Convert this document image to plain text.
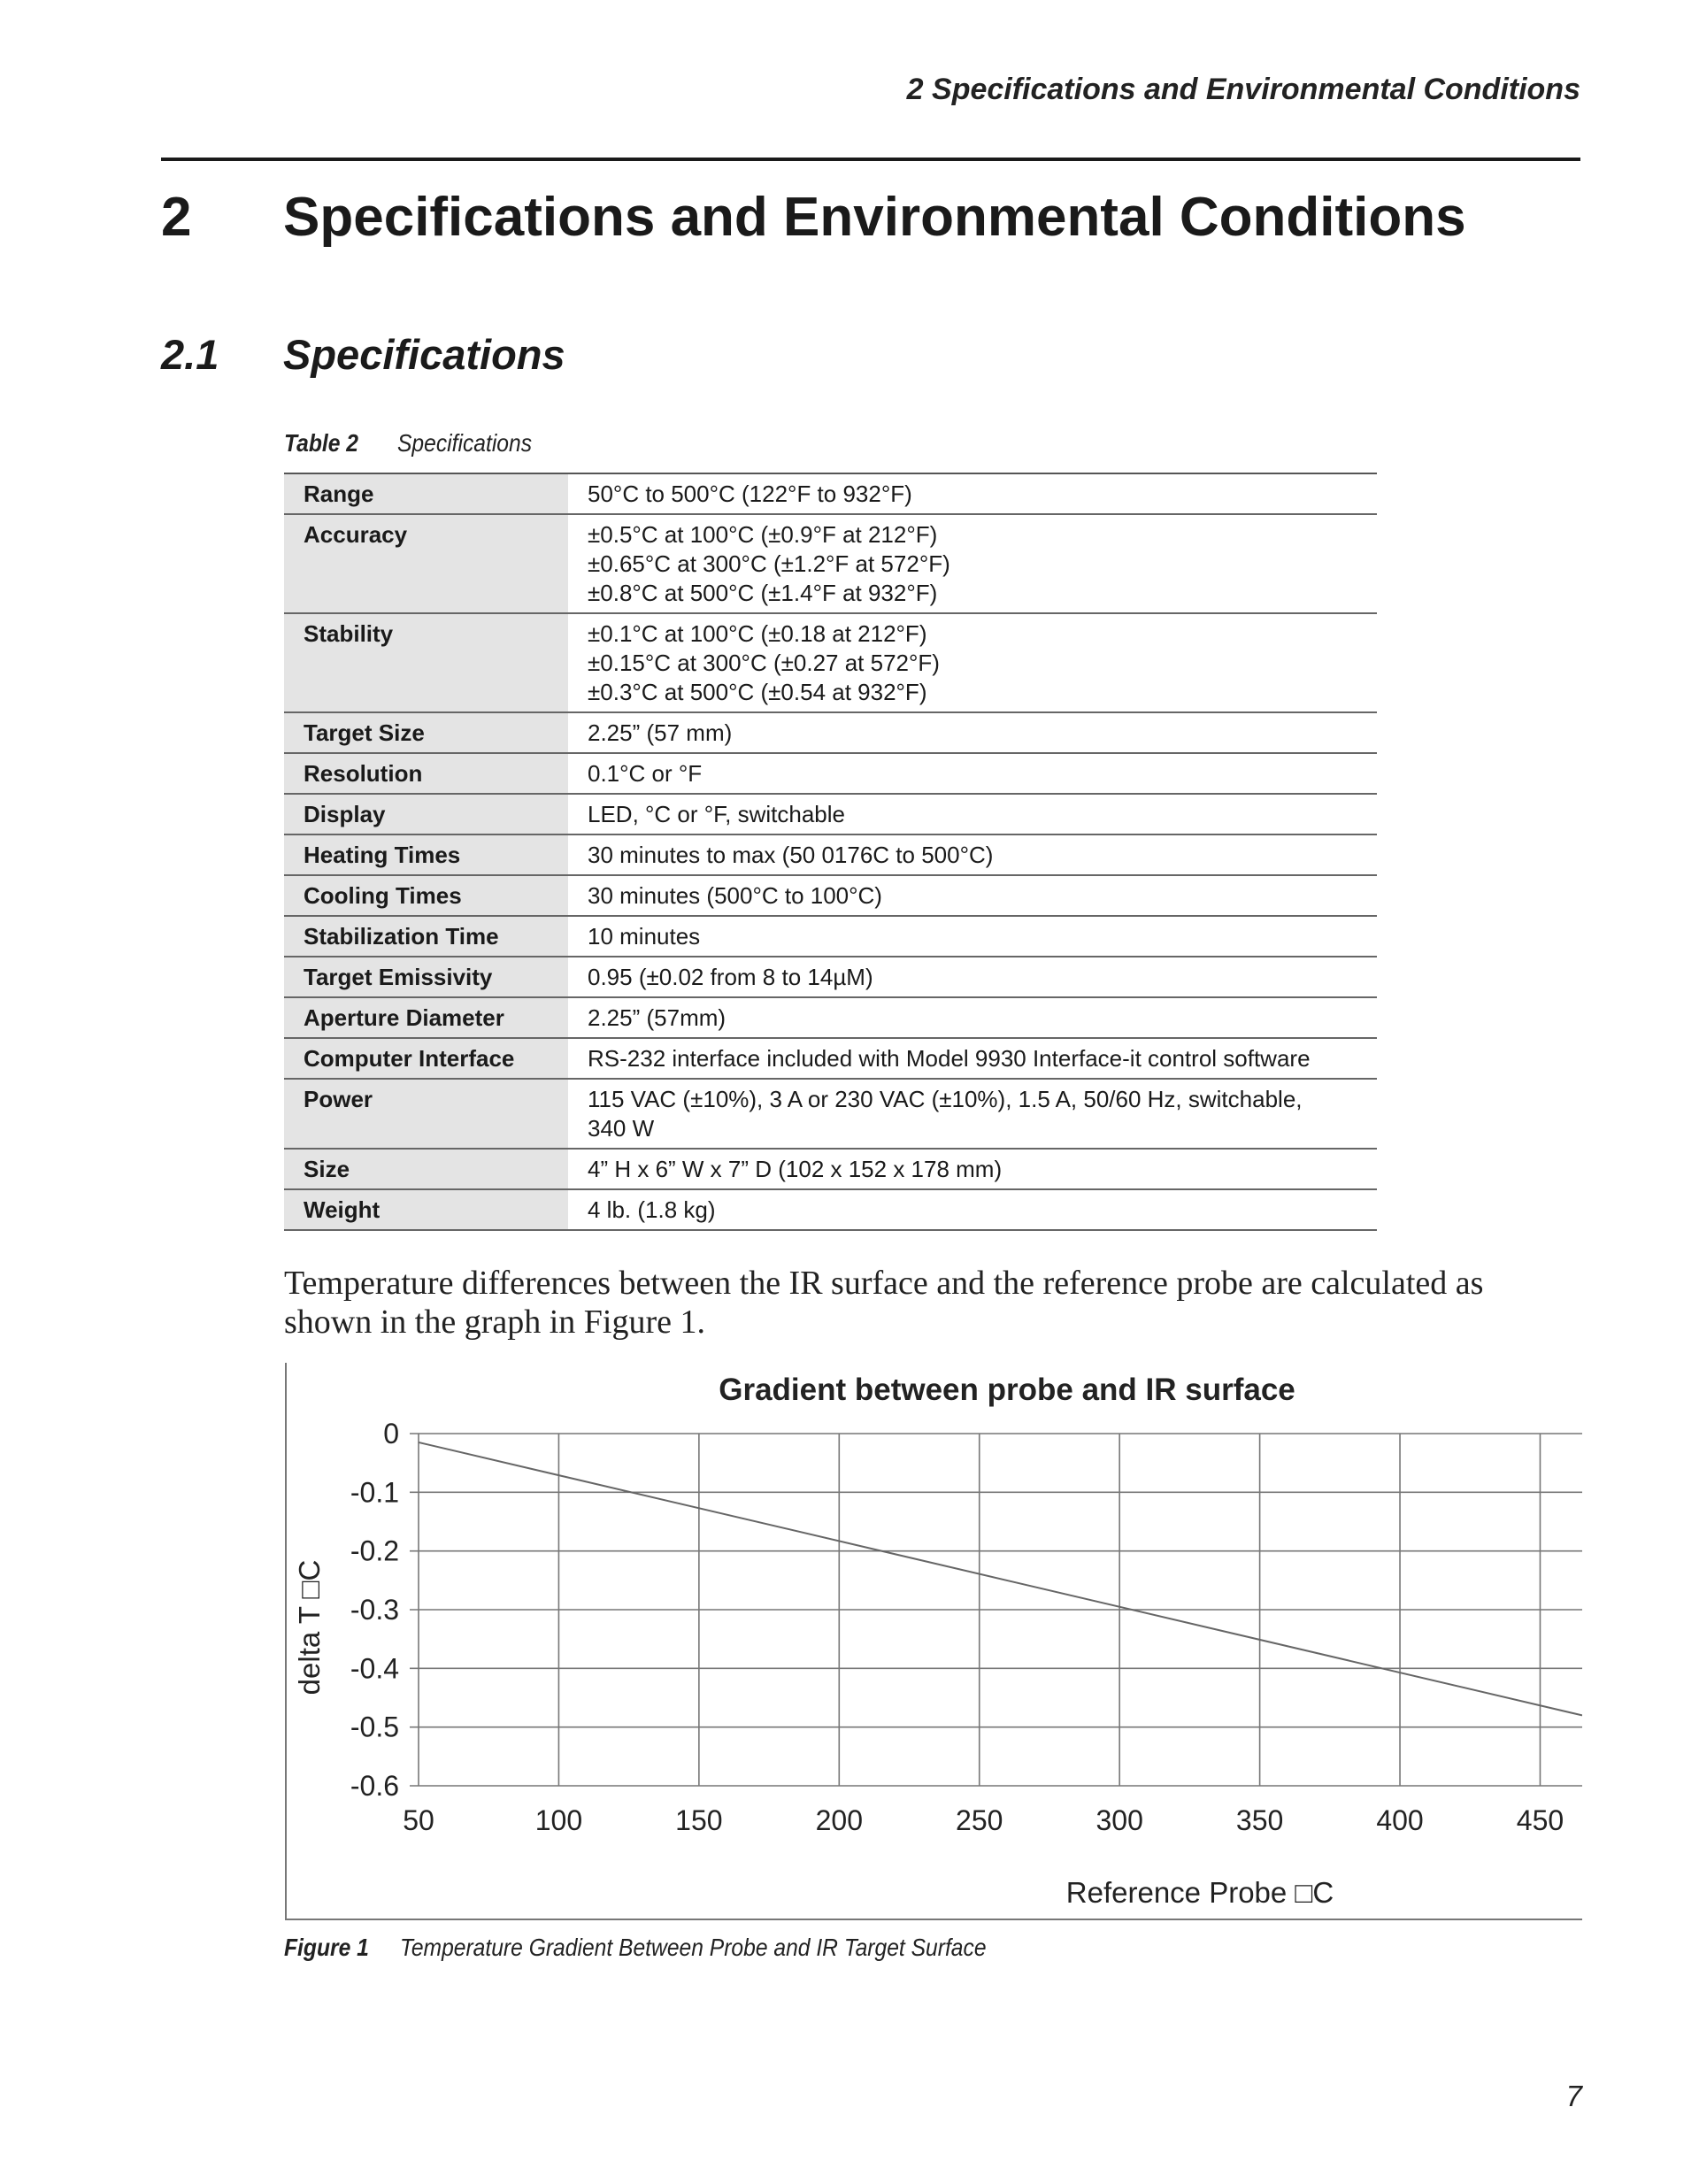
2 Specifications and Environmental Conditions
2 Specifications and Environmental Conditions
2.1 Specifications
Table 2 Specifications
Range	50°C to 500°C (122°F to 932°F)
Accuracy	±0.5°C at 100°C (±0.9°F at 212°F)
±0.65°C at 300°C (±1.2°F at 572°F)
±0.8°C at 500°C (±1.4°F at 932°F)
Stability	±0.1°C at 100°C (±0.18 at 212°F)
±0.15°C at 300°C (±0.27 at 572°F)
±0.3°C at 500°C (±0.54 at 932°F)
Target Size	2.25” (57 mm)
Resolution	0.1°C or °F
Display	LED, °C or °F, switchable
Heating Times	30 minutes to max (50 0176C to 500°C)
Cooling Times	30 minutes (500°C to 100°C)
Stabilization Time	10 minutes
Target Emissivity	0.95 (±0.02 from 8 to 14µM)
Aperture Diameter	2.25” (57mm)
Computer Interface	RS-232 interface included with Model 9930 Interface-it control software
Power	115 VAC (±10%), 3 A or 230 VAC (±10%), 1.5 A, 50/60 Hz, switchable,
340 W
Size	4” H x 6” W x 7” D (102 x 152 x 178 mm)
Weight	4 lb. (1.8 kg)
Temperature differences between the IR surface and the reference probe are calculated as shown in the graph in Figure 1.
Gradient between probe and IR surface
0
-0.1
-0.2
-0.3
-0.4
-0.5
-0.6
50	100	150	200	250	300	350	400	450
delta T □C
Reference Probe □C
Figure 1 Temperature Gradient Between Probe and IR Target Surface
7
